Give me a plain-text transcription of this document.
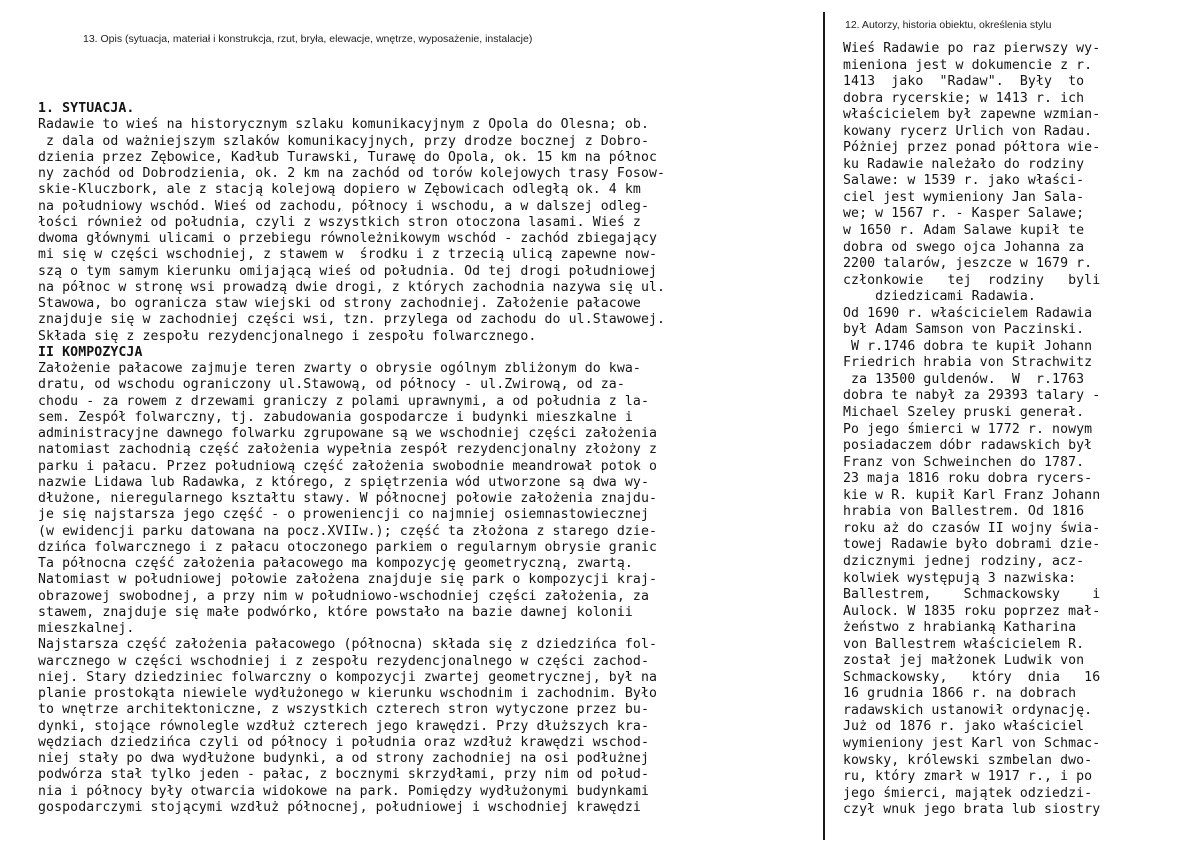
13. Opis (sytuacja, materiał i konstrukcja, rzut, bryła, elewacje, wnętrze, wyposażenie, instalacje)
12. Autorzy, historia obiektu, określenia stylu
1. SYTUACJA.
Radawie to wieś na historycznym szlaku komunikacyjnym z Opola do Olesna; ob.
z dala od ważniejszym szlaków komunikacyjnych, przy drodze bocznej z Dobro-
dzienia przez Zębowice, Kadłub Turawski, Turawę do Opola, ok. 15 km na północ
ny zachód od Dobrodzienia, ok. 2 km na zachód od torów kolejowych trasy Fosow-
skie-Kluczbork, ale z stacją kolejową dopiero w Zębowicach odległą ok. 4 km
na południowy wschód. Wieś od zachodu, północy i wschodu, a w dalszej odleg-
łości również od południa, czyli z wszystkich stron otoczona lasami. Wieś z
dwoma głównymi ulicami o przebiegu równoleżnikowym wschód - zachód zbiegający
mi się w części wschodniej, z stawem w  środku i z trzecią ulicą zapewne now-
szą o tym samym kierunku omijającą wieś od południa. Od tej drogi południowej
na północ w stronę wsi prowadzą dwie drogi, z których zachodnia nazywa się ul.
Stawowa, bo ogranicza staw wiejski od strony zachodniej. Założenie pałacowe
znajduje się w zachodniej części wsi, tzn. przylega od zachodu do ul.Stawowej.
Składa się z zespołu rezydencjonalnego i zespołu folwarcznego.
II KOMPOZYCJA
Założenie pałacowe zajmuje teren zwarty o obrysie ogólnym zbliżonym do kwa-
dratu, od wschodu ograniczony ul.Stawową, od północy - ul.Żwirową, od za-
chodu - za rowem z drzewami graniczy z polami uprawnymi, a od południa z la-
sem. Zespół folwarczny, tj. zabudowania gospodarcze i budynki mieszkalne i
administracyjne dawnego folwarku zgrupowane są we wschodniej części założenia
natomiast zachodnią część założenia wypełnia zespół rezydencjonalny złożony z
parku i pałacu. Przez południową część założenia swobodnie meandrował potok o
nazwie Lidawa lub Radawka, z którego, z spiętrzenia wód utworzone są dwa wy-
dłużone, nieregularnego kształtu stawy. W północnej połowie założenia znajdu-
je się najstarsza jego część - o proweniencji co najmniej osiemnastowiecznej
(w ewidencji parku datowana na pocz.XVIIw.); część ta złożona z starego dzie-
dzińca folwarcznego i z pałacu otoczonego parkiem o regularnym obrysie granic
Ta północna część założenia pałacowego ma kompozycję geometryczną, zwartą.
Natomiast w południowej połowie założena znajduje się park o kompozycji kraj-
obrazowej swobodnej, a przy nim w południowo-wschodniej części założenia, za
stawem, znajduje się małe podwórko, które powstało na bazie dawnej kolonii
mieszkalnej.
Najstarsza część założenia pałacowego (północna) składa się z dziedzińca fol-
warcznego w części wschodniej i z zespołu rezydencjonalnego w części zachod-
niej. Stary dziedziniec folwarczny o kompozycji zwartej geometrycznej, był na
planie prostokąta niewiele wydłużonego w kierunku wschodnim i zachodnim. Było
to wnętrze architektoniczne, z wszystkich czterech stron wytyczone przez bu-
dynki, stojące równolegle wzdłuż czterech jego krawędzi. Przy dłuższych kra-
wędziach dziedzińca czyli od północy i południa oraz wzdłuż krawędzi wschod-
niej stały po dwa wydłużone budynki, a od strony zachodniej na osi podłużnej
podwórza stał tylko jeden - pałac, z bocznymi skrzydłami, przy nim od połud-
nia i północy były otwarcia widokowe na park. Pomiędzy wydłużonymi budynkami
gospodarczymi stojącymi wzdłuż północnej, południowej i wschodniej krawędzi
Wieś Radawie po raz pierwszy wy-
mieniona jest w dokumencie z r.
1413  jako  "Radaw".  Były  to
dobra rycerskie; w 1413 r. ich
właścicielem był zapewne wzmian-
kowany rycerz Urlich von Radau.
Póżniej przez ponad półtora wie-
ku Radawie należało do rodziny
Salawe: w 1539 r. jako właści-
ciel jest wymieniony Jan Sala-
we; w 1567 r. - Kasper Salawe;
w 1650 r. Adam Salawe kupił te
dobra od swego ojca Johanna za
2200 talarów, jeszcze w 1679 r.
członkowie   tej  rodziny   byli
dziedzicami Radawia.
Od 1690 r. właścicielem Radawia
był Adam Samson von Paczinski.
W r.1746 dobra te kupił Johann
Friedrich hrabia von Strachwitz
za 13500 guldenów.  W  r.1763
dobra te nabył za 29393 talary -
Michael Szeley pruski generał.
Po jego śmierci w 1772 r. nowym
posiadaczem dóbr radawskich był
Franz von Schweinchen do 1787.
23 maja 1816 roku dobra rycers-
kie w R. kupił Karl Franz Johann
hrabia von Ballestrem. Od 1816
roku aż do czasów II wojny świa-
towej Radawie było dobrami dzie-
dzicznymi jednej rodziny, acz-
kolwiek występują 3 nazwiska:
Ballestrem,    Schmackowsky    i
Aulock. W 1835 roku poprzez mał-
żeństwo z hrabianką Katharina
von Ballestrem właścicielem R.
został jej małżonek Ludwik von
Schmackowsky,   który  dnia   16
16 grudnia 1866 r. na dobrach
radawskich ustanowił ordynację.
Już od 1876 r. jako właściciel
wymieniony jest Karl von Schmac-
kowsky, królewski szmbelan dwo-
ru, który zmarł w 1917 r., i po
jego śmierci, majątek odziedzi-
czył wnuk jego brata lub siostry
